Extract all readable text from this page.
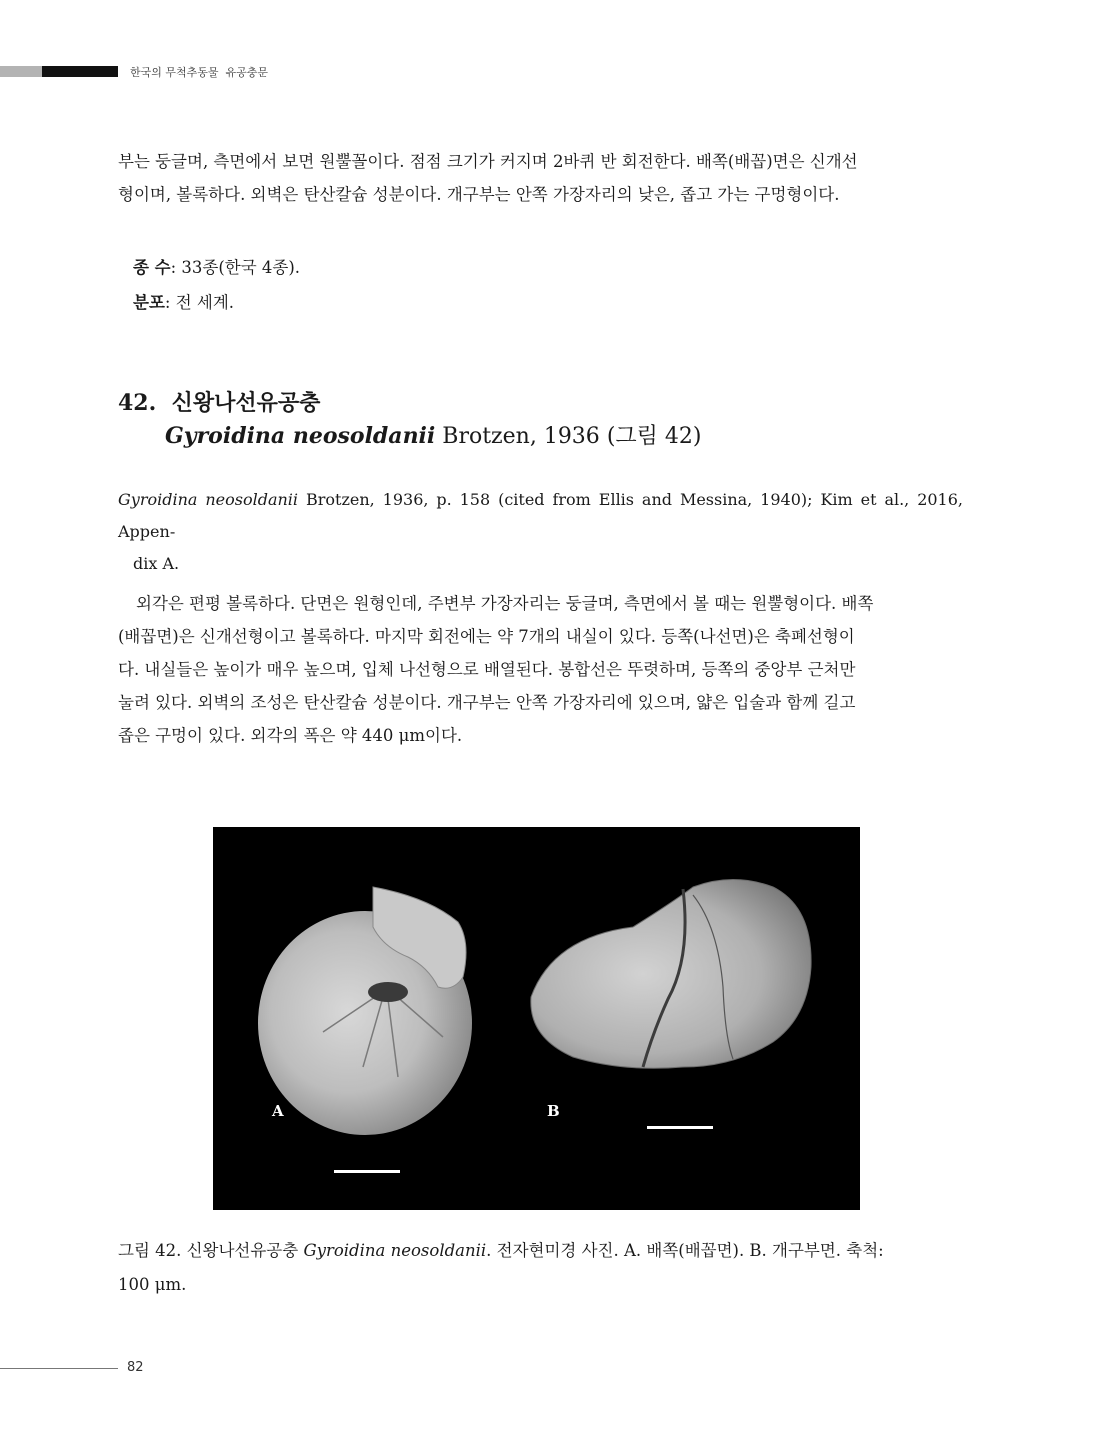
한국의 무척추동물 유공충문

부는 둥글며, 측면에서 보면 원뿔꼴이다. 점점 크기가 커지며 2바퀴 반 회전한다. 배쪽(배꼽)면은 신개선

형이며, 볼록하다. 외벽은 탄산칼슘 성분이다. 개구부는 안쪽 가장자리의 낮은, 좁고 가는 구멍형이다.

종 수: 33종(한국 4종).
분포: 전 세계.
42. 신왕나선유공충
Gyroidina neosoldanii Brotzen, 1936 (그림 42)
Gyroidina neosoldanii Brotzen, 1936, p. 158 (cited from Ellis and Messina, 1940); Kim et al., 2016, Appen-
dix A.

외각은 편평 볼록하다. 단면은 원형인데, 주변부 가장자리는 둥글며, 측면에서 볼 때는 원뿔형이다. 배쪽

(배꼽면)은 신개선형이고 볼록하다. 마지막 회전에는 약 7개의 내실이 있다. 등쪽(나선면)은 축폐선형이

다. 내실들은 높이가 매우 높으며, 입체 나선형으로 배열된다. 봉합선은 뚜렷하며, 등쪽의 중앙부 근처만

눌려 있다. 외벽의 조성은 탄산칼슘 성분이다. 개구부는 안쪽 가장자리에 있으며, 얇은 입술과 함께 길고

좁은 구멍이 있다. 외각의 폭은 약 440 μm이다.

A	B
그림 42. 신왕나선유공충 Gyroidina neosoldanii. 전자현미경 사진. A. 배쪽(배꼽면). B. 개구부면. 축척:
100 μm.
82
